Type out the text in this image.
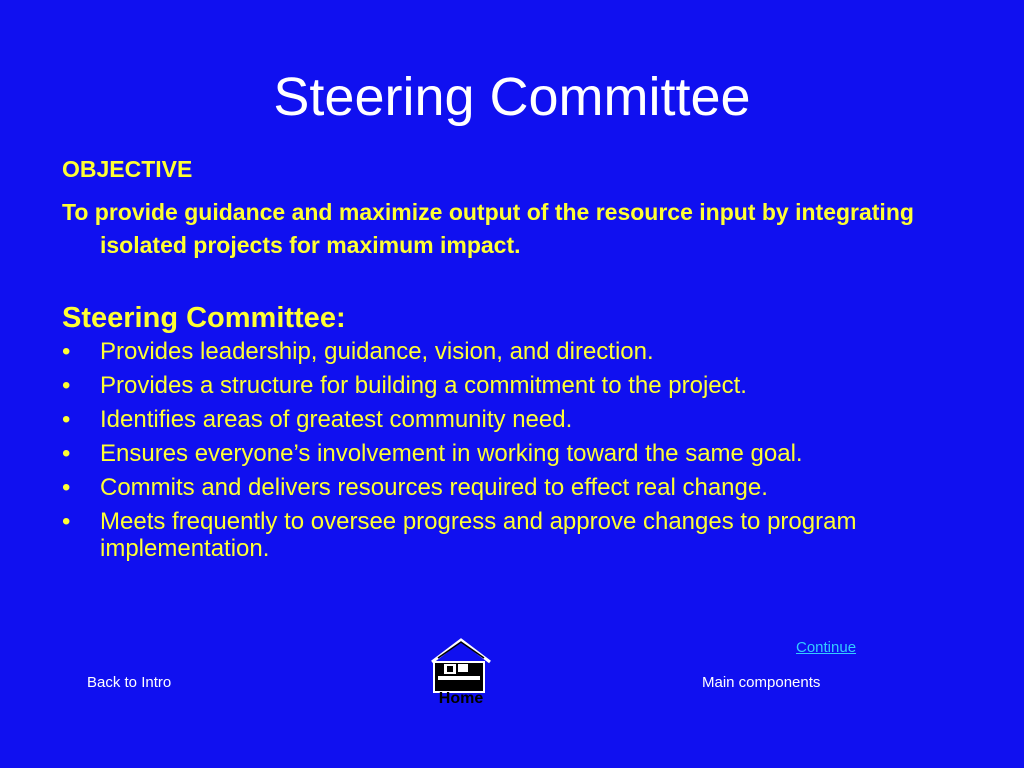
Steering Committee
OBJECTIVE
To provide guidance and maximize output of the resource input by integrating isolated projects for maximum impact.
Steering Committee:
• Provides leadership, guidance, vision, and direction.
• Provides a structure for building a commitment to the project.
• Identifies areas of greatest community need.
• Ensures everyone’s involvement in working toward the same goal.
• Commits and delivers resources required to effect real change.
• Meets frequently to oversee progress and approve changes to program implementation.
Continue
Back to Intro	Main components
Home
